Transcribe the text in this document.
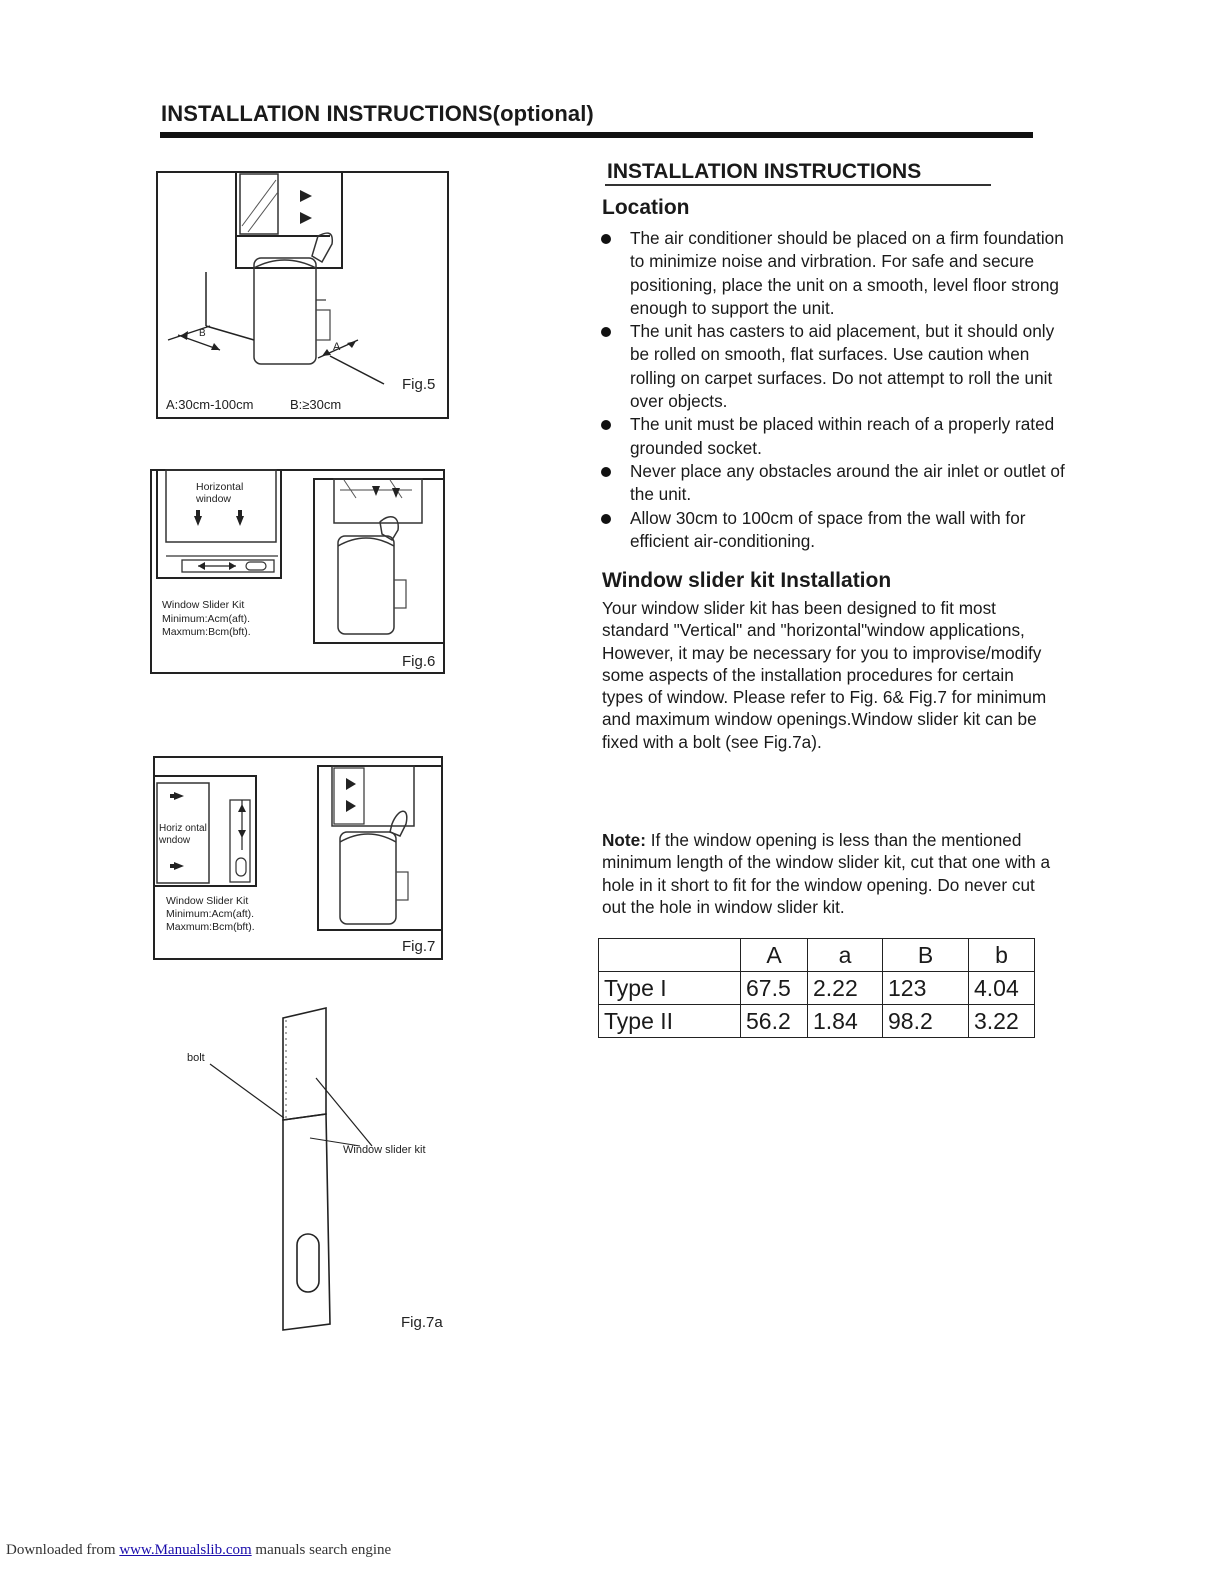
INSTALLATION INSTRUCTIONS(optional)
INSTALLATION INSTRUCTIONS
Location
The air conditioner should be placed on a firm foundation to minimize noise and virbration. For safe and secure positioning, place the unit on a smooth, level floor strong enough to support the unit.
The unit has casters to aid placement, but it should only be rolled on smooth, flat surfaces. Use caution when rolling on carpet surfaces. Do not attempt to roll the unit over objects.
The unit must be placed within reach of a properly rated grounded socket.
Never place any obstacles around the air inlet or outlet of the unit.
Allow 30cm to 100cm of space from the wall with for efficient air-conditioning.
Window slider kit Installation

Your window slider kit has been designed to fit most standard "Vertical" and "horizontal"window applications, However, it may be necessary for you to improvise/modify some aspects of the installation procedures for certain types of window. Please refer to Fig. 6& Fig.7 for minimum and maximum window openings.Window slider kit can be fixed with a bolt (see Fig.7a).

Note: If the window opening is less than the mentioned minimum length of the window slider kit, cut that one with a hole in it short to fit for the window opening. Do never cut out the hole in window slider kit.

	A	a	B	b
Type I	67.5	2.22	123	4.04
Type II	56.2	1.84	98.2	3.22
B
A
Fig.5
A:30cm-100cm	B:≥30cm
Horizontal
window
Window Slider Kit
Minimum:Acm(aft).
Maxmum:Bcm(bft).
Fig.6
Horiz ontal
wndow
Window Slider Kit
Minimum:Acm(aft).
Maxmum:Bcm(bft).
Fig.7
bolt
Window slider kit
Fig.7a
Downloaded from www.Manualslib.com manuals search engine
